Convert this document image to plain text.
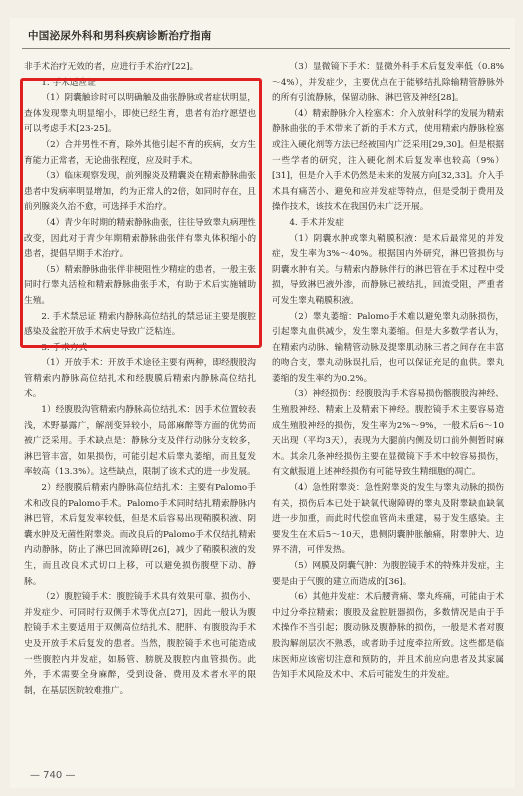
中国泌尿外科和男科疾病诊断治疗指南

非手术治疗无效的者，应进行手术治疗[22]。

1. 手术适应证

（1）阴囊触诊时可以明确触及曲张静脉或者症状明显，查体发现睾丸明显缩小，即使已经生育，患者有治疗愿望也可以考虑手术[23-25]。

（2）合并男性不育，除外其他引起不育的疾病，女方生育能力正常者，无论曲张程度，应及时手术。

（3）临床观察发现，前列腺炎及精囊炎在精索静脉曲张患者中发病率明显增加，约为正常人的2倍，如同时存在，且前列腺炎久治不愈，可选择手术治疗。

（4）青少年时期的精索静脉曲张，往往导致睾丸病理性改变，因此对于青少年期精索静脉曲张伴有睾丸体积缩小的患者，提倡早期手术治疗。

（5）精索静脉曲张伴非梗阻性少精症的患者，一般主张同时行睾丸活检和精索静脉曲张手术，有助于术后实施辅助生殖。

2. 手术禁忌证 精索内静脉高位结扎的禁忌证主要是腹腔感染及盆腔开放手术病史导致广泛粘连。

3. 手术方式

（1）开放手术：开放手术途径主要有两种，即经腹股沟管精索内静脉高位结扎术和经腹膜后精索内静脉高位结扎术。

1）经腹股沟管精索内静脉高位结扎术：因手术位置较表浅，术野暴露广，解剖变异较小，局部麻醉等方面的优势而被广泛采用。手术缺点是：静脉分支及伴行动脉分支较多，淋巴管丰富，如果损伤，可能引起术后睾丸萎缩，而且复发率较高（13.3%）。这些缺点，限制了该术式的进一步发展。

2）经腹膜后精索内静脉高位结扎术：主要有Palomo手术和改良的Palomo手术。Palomo手术同时结扎精索静脉内淋巴管，术后复发率较低，但是术后容易出现鞘膜积液、阴囊水肿及无菌性附睾炎。而改良后的Palomo手术仅结扎精索内动静脉，防止了淋巴回流障碍[26]，减少了鞘膜积液的发生，而且改良术式切口上移，可以避免损伤腹壁下动、静脉。

（2）腹腔镜手术：腹腔镜手术具有效果可靠、损伤小、并发症少、可同时行双侧手术等优点[27]，因此一般认为腹腔镜手术主要适用于双侧高位结扎术、肥胖、有腹股沟手术史及开放手术后复发的患者。当然，腹腔镜手术也可能造成一些腹腔内并发症，如肠管、膀胱及腹腔内血管损伤。此外，手术需要全身麻醉，受到设备、费用及术者水平的限制，在基层医院较难推广。

（3）显微镜下手术：显微外科手术后复发率低（0.8%～4%），并发症少，主要优点在于能够结扎除输精管静脉外的所有引流静脉，保留动脉、淋巴管及神经[28]。

（4）精索静脉介入栓塞术：介入放射科学的发展为精索静脉曲张的手术带来了新的手术方式，使用精索内静脉栓塞或注入硬化剂等方法已经被国内广泛采用[29,30]。但是根据一些学者的研究，注入硬化剂术后复发率也较高（9%）[31]，但是介入手术仍然是未来的发展方向[32,33]。介入手术具有痛苦小、避免和应并发症等特点，但是受制于费用及操作技术，该技术在我国仍未广泛开展。

4. 手术并发症

（1）阴囊水肿或睾丸鞘膜积液：是术后最常见的并发症，发生率为3%～40%。根据国内外研究，淋巴管损伤与阴囊水肿有关。与精索内静脉伴行的淋巴管在手术过程中受损，导致淋巴液外渗，而静脉已被结扎，回流受阻，严重者可发生睾丸鞘膜积液。

（2）睾丸萎缩：Palomo手术难以避免睾丸动脉损伤，引起睾丸血供减少，发生睾丸萎缩。但是大多数学者认为，在精索内动脉、输精管动脉及提睾肌动脉三者之间存在丰富的吻合支，睾丸动脉误扎后，也可以保证充足的血供。睾丸萎缩的发生率约为0.2%。

（3）神经损伤：经腹股沟手术容易损伤髂腹股沟神经、生殖股神经、精索上及精索下神经。腹腔镜手术主要容易造成生殖股神经的损伤，发生率为2%～9%，一般术后6～10天出现（平均3天），表现为大腿前内侧及切口前外侧暂时麻木。其余几条神经损伤主要在显微镜下手术中较容易损伤，有文献报道上述神经损伤有可能导致生精细胞的凋亡。

（4）急性附睾炎：急性附睾炎的发生与睾丸动脉的损伤有关，损伤后本已处于缺氧代谢障碍的睾丸及附睾缺血缺氧进一步加重，而此时代偿血管尚未重建，易于发生感染。主要发生在术后5～10天，患侧阴囊肿胀触痛，附睾肿大、边界不清，可伴发热。

（5）网膜及阴囊气肿：为腹腔镜手术的特殊并发症，主要是由于气腹的建立而造成的[36]。

（6）其他并发症：术后腰背痛、睾丸疼痛，可能由于术中过分牵拉精索；腹股及盆腔脏器损伤，多数情况是由于手术操作不当引起；腹动脉及腹静脉的损伤，一般是术者对腹股沟解剖层次不熟悉，或者助手过度牵拉所致。这些都是临床医师应该密切注意和预防的，并且术前应向患者及其家属告知手术风险及术中、术后可能发生的并发症。

— 740 —
